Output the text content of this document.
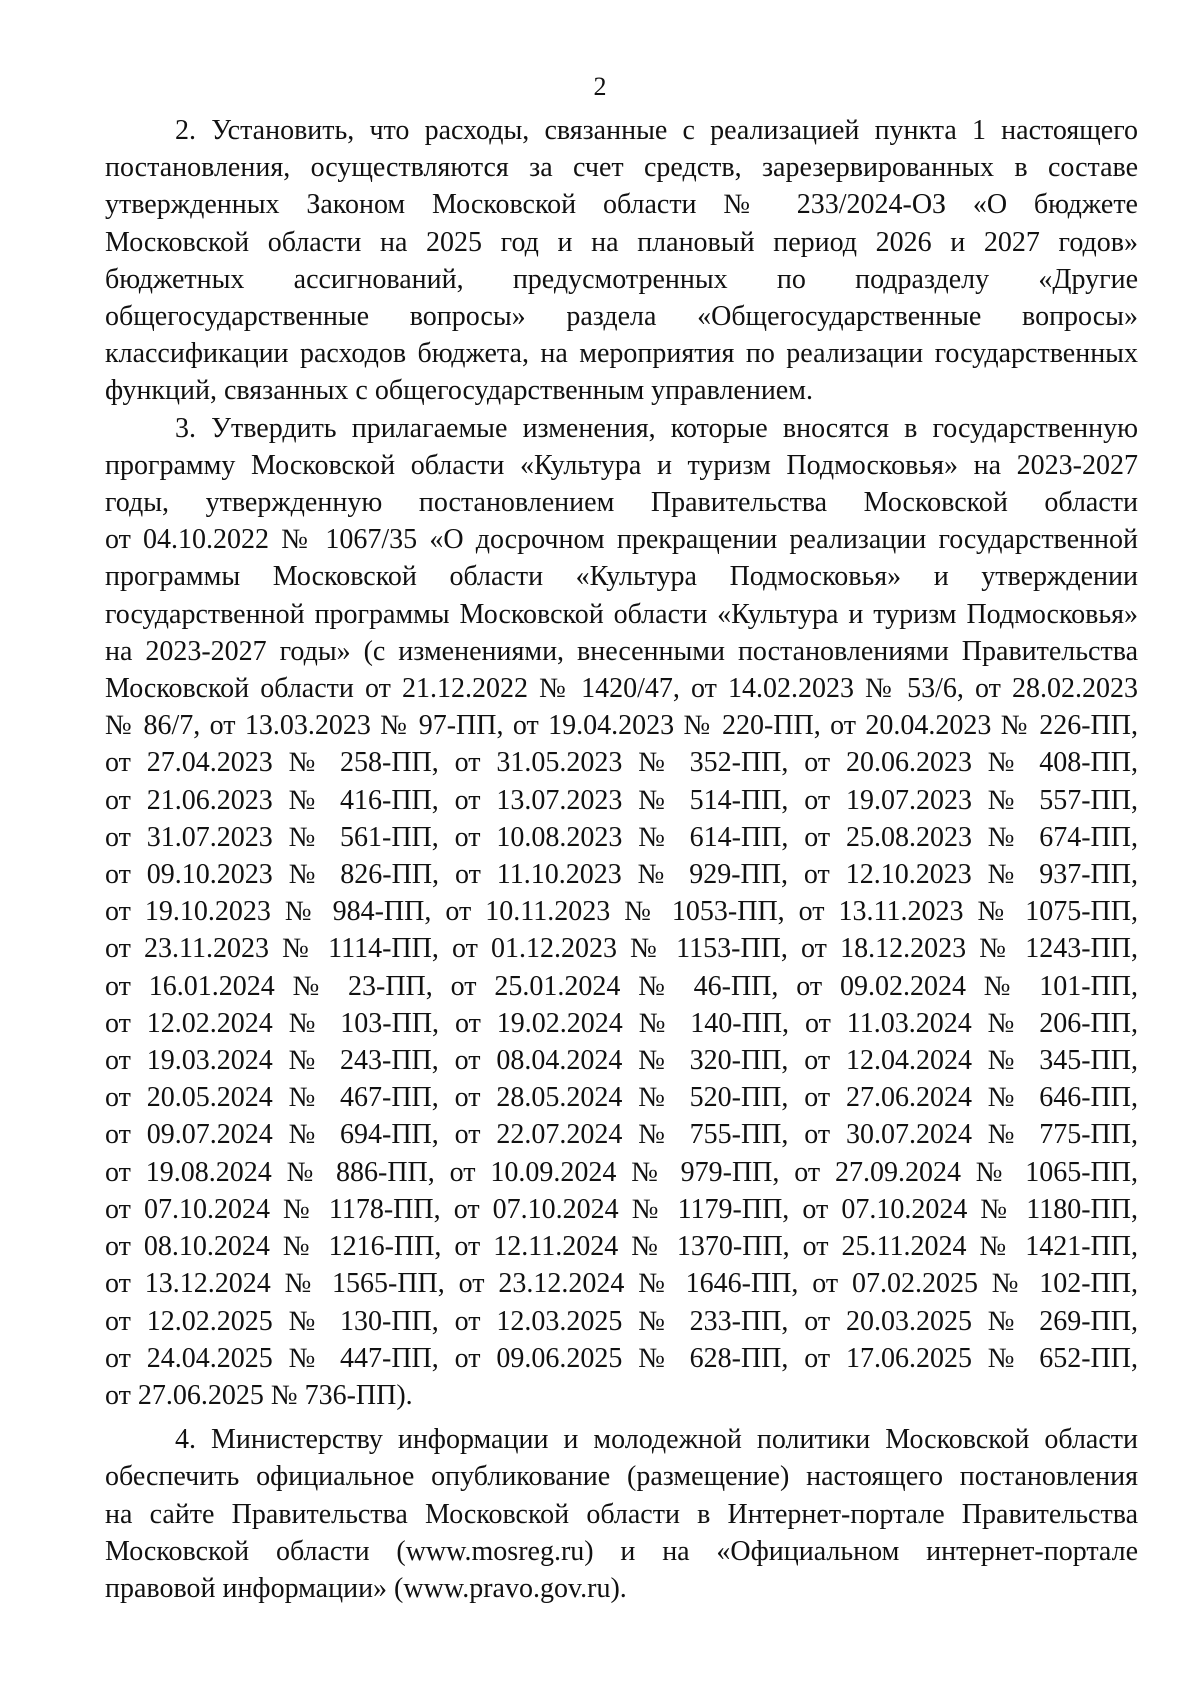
2

2. Установить, что расходы, связанные с реализацией пункта 1 настоящего
постановления, осуществляются за счет средств, зарезервированных в составе
утвержденных Законом Московской области № 233/2024-ОЗ «О бюджете
Московской области на 2025 год и на плановый период 2026 и 2027 годов»
бюджетных ассигнований, предусмотренных по подразделу «Другие
общегосударственные вопросы» раздела «Общегосударственные вопросы»
классификации расходов бюджета, на мероприятия по реализации государственных
функций, связанных с общегосударственным управлением.

3. Утвердить прилагаемые изменения, которые вносятся в государственную
программу Московской области «Культура и туризм Подмосковья» на 2023-2027
годы, утвержденную постановлением Правительства Московской области
от 04.10.2022 № 1067/35 «О досрочном прекращении реализации государственной
программы Московской области «Культура Подмосковья» и утверждении
государственной программы Московской области «Культура и туризм Подмосковья»
на 2023-2027 годы» (с изменениями, внесенными постановлениями Правительства
Московской области от 21.12.2022 № 1420/47, от 14.02.2023 № 53/6, от 28.02.2023
№ 86/7, от 13.03.2023 № 97-ПП, от 19.04.2023 № 220-ПП, от 20.04.2023 № 226-ПП,
от 27.04.2023 № 258-ПП, от 31.05.2023 № 352-ПП, от 20.06.2023 № 408-ПП,
от 21.06.2023 № 416-ПП, от 13.07.2023 № 514-ПП, от 19.07.2023 № 557-ПП,
от 31.07.2023 № 561-ПП, от 10.08.2023 № 614-ПП, от 25.08.2023 № 674-ПП,
от 09.10.2023 № 826-ПП, от 11.10.2023 № 929-ПП, от 12.10.2023 № 937-ПП,
от 19.10.2023 № 984-ПП, от 10.11.2023 № 1053-ПП, от 13.11.2023 № 1075-ПП,
от 23.11.2023 № 1114-ПП, от 01.12.2023 № 1153-ПП, от 18.12.2023 № 1243-ПП,
от 16.01.2024 № 23-ПП, от 25.01.2024 № 46-ПП, от 09.02.2024 № 101-ПП,
от 12.02.2024 № 103-ПП, от 19.02.2024 № 140-ПП, от 11.03.2024 № 206-ПП,
от 19.03.2024 № 243-ПП, от 08.04.2024 № 320-ПП, от 12.04.2024 № 345-ПП,
от 20.05.2024 № 467-ПП, от 28.05.2024 № 520-ПП, от 27.06.2024 № 646-ПП,
от 09.07.2024 № 694-ПП, от 22.07.2024 № 755-ПП, от 30.07.2024 № 775-ПП,
от 19.08.2024 № 886-ПП, от 10.09.2024 № 979-ПП, от 27.09.2024 № 1065-ПП,
от 07.10.2024 № 1178-ПП, от 07.10.2024 № 1179-ПП, от 07.10.2024 № 1180-ПП,
от 08.10.2024 № 1216-ПП, от 12.11.2024 № 1370-ПП, от 25.11.2024 № 1421-ПП,
от 13.12.2024 № 1565-ПП, от 23.12.2024 № 1646-ПП, от 07.02.2025 № 102-ПП,
от 12.02.2025 № 130-ПП, от 12.03.2025 № 233-ПП, от 20.03.2025 № 269-ПП,
от 24.04.2025 № 447-ПП, от 09.06.2025 № 628-ПП, от 17.06.2025 № 652-ПП,
от 27.06.2025 № 736-ПП).

4. Министерству информации и молодежной политики Московской области
обеспечить официальное опубликование (размещение) настоящего постановления
на сайте Правительства Московской области в Интернет-портале Правительства
Московской области (www.mosreg.ru) и на «Официальном интернет-портале
правовой информации» (www.pravo.gov.ru).
